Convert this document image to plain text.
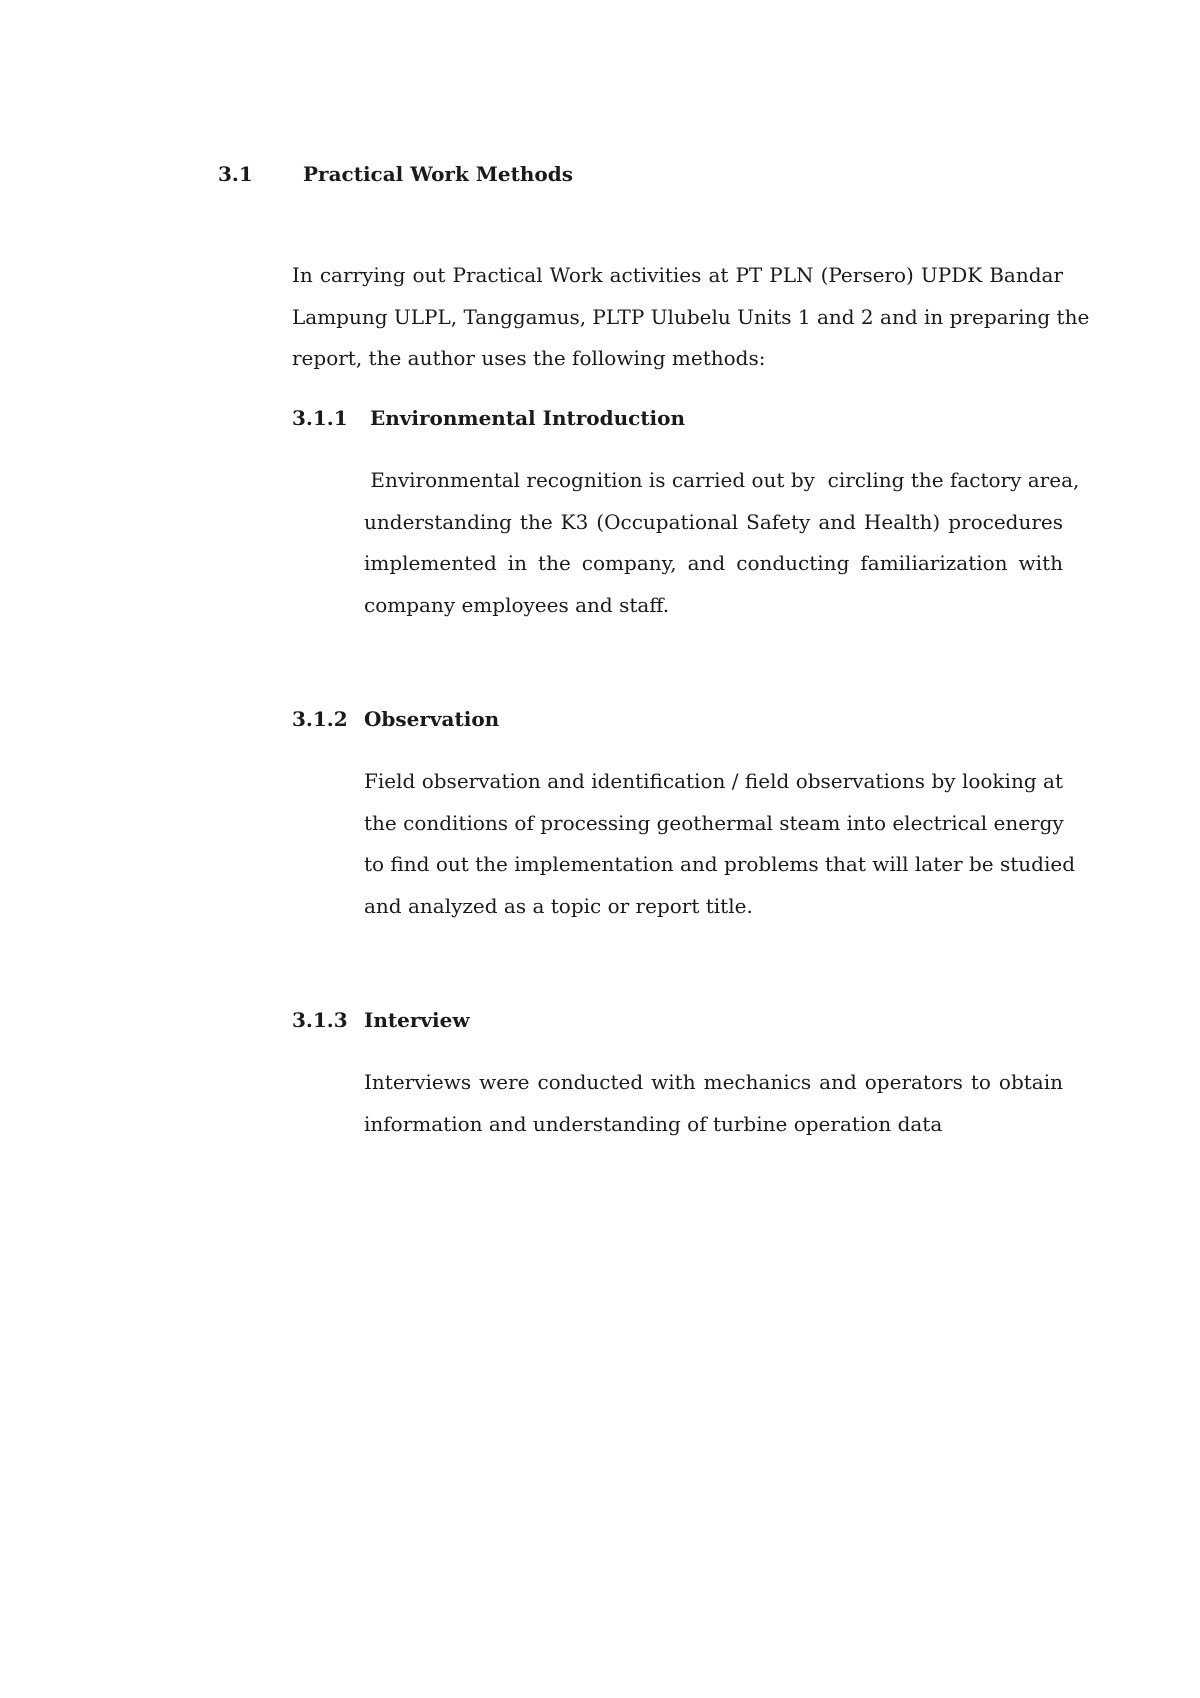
3.1	Practical Work Methods
In carrying out Practical Work activities at PT PLN (Persero) UPDK Bandar
Lampung ULPL, Tanggamus, PLTP Ulubelu Units 1 and 2 and in preparing the
report, the author uses the following methods:
3.1.1 Environmental Introduction
Environmental recognition is carried out by  circling the factory area,
understanding the K3 (Occupational Safety and Health) procedures
implemented in the company, and conducting familiarization with
company employees and staff.
3.1.2 Observation
Field observation and identification / field observations by looking at
the conditions of processing geothermal steam into electrical energy
to find out the implementation and problems that will later be studied
and analyzed as a topic or report title.
3.1.3 Interview
Interviews were conducted with mechanics and operators to obtain
information and understanding of turbine operation data
